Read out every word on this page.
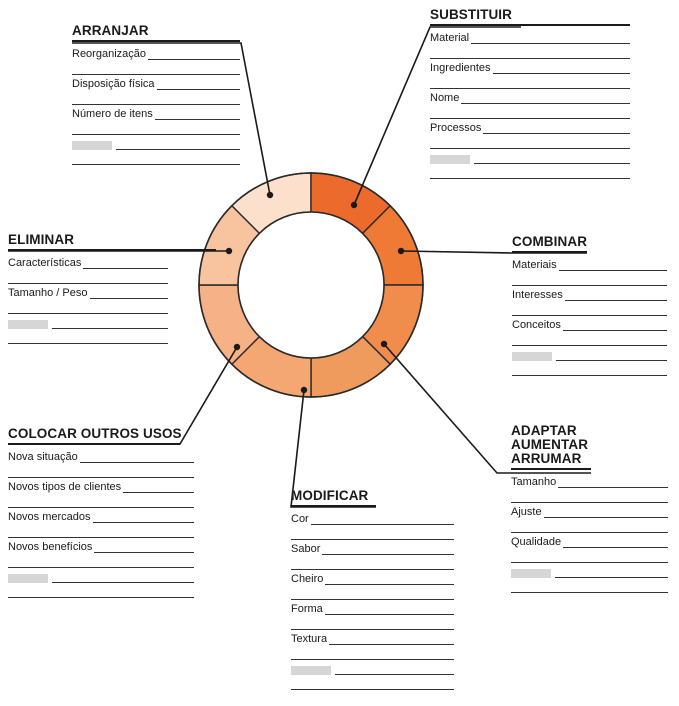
ARRANJAR
Reorganização
Disposição física
Número de itens
SUBSTITUIR
Material
Ingredientes
Nome
Processos
ELIMINAR
Características
Tamanho / Peso
COMBINAR
Materiais
Interesses
Conceitos
COLOCAR OUTROS USOS
Nova situação
Novos tipos de clientes
Novos mercados
Novos benefícios
ADAPTAR
AUMENTAR
ARRUMAR
Tamanho
Ajuste
Qualidade
MODIFICAR
Cor
Sabor
Cheiro
Forma
Textura
